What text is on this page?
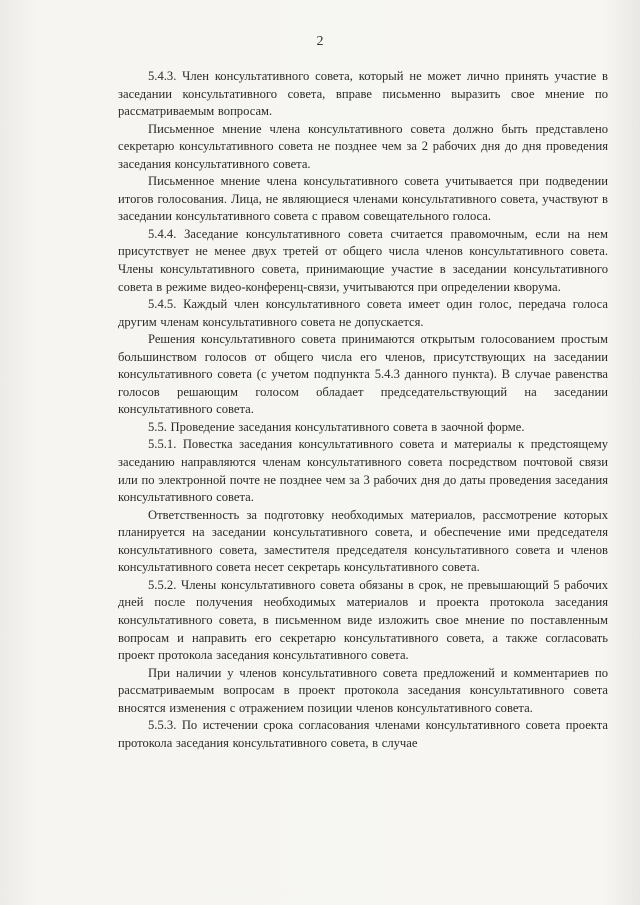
2

5.4.3. Член консультативного совета, который не может лично принять участие в заседании консультативного совета, вправе письменно выразить свое мнение по рассматриваемым вопросам.

Письменное мнение члена консультативного совета должно быть представлено секретарю консультативного совета не позднее чем за 2 рабочих дня до дня проведения заседания консультативного совета.

Письменное мнение члена консультативного совета учитывается при подведении итогов голосования. Лица, не являющиеся членами консультативного совета, участвуют в заседании консультативного совета с правом совещательного голоса.

5.4.4. Заседание консультативного совета считается правомочным, если на нем присутствует не менее двух третей от общего числа членов консультативного совета. Члены консультативного совета, принимающие участие в заседании консультативного совета в режиме видео-конференц-связи, учитываются при определении кворума.

5.4.5. Каждый член консультативного совета имеет один голос, передача голоса другим членам консультативного совета не допускается.

Решения консультативного совета принимаются открытым голосованием простым большинством голосов от общего числа его членов, присутствующих на заседании консультативного совета (с учетом подпункта 5.4.3 данного пункта). В случае равенства голосов решающим голосом обладает председательствующий на заседании консультативного совета.

5.5. Проведение заседания консультативного совета в заочной форме.

5.5.1. Повестка заседания консультативного совета и материалы к предстоящему заседанию направляются членам консультативного совета посредством почтовой связи или по электронной почте не позднее чем за 3 рабочих дня до даты проведения заседания консультативного совета.

Ответственность за подготовку необходимых материалов, рассмотрение которых планируется на заседании консультативного совета, и обеспечение ими председателя консультативного совета, заместителя председателя консультативного совета и членов консультативного совета несет секретарь консультативного совета.

5.5.2. Члены консультативного совета обязаны в срок, не превышающий 5 рабочих дней после получения необходимых материалов и проекта протокола заседания консультативного совета, в письменном виде изложить свое мнение по поставленным вопросам и направить его секретарю консультативного совета, а также согласовать проект протокола заседания консультативного совета.

При наличии у членов консультативного совета предложений и комментариев по рассматриваемым вопросам в проект протокола заседания консультативного совета вносятся изменения с отражением позиции членов консультативного совета.

5.5.3. По истечении срока согласования членами консультативного совета проекта протокола заседания консультативного совета, в случае
